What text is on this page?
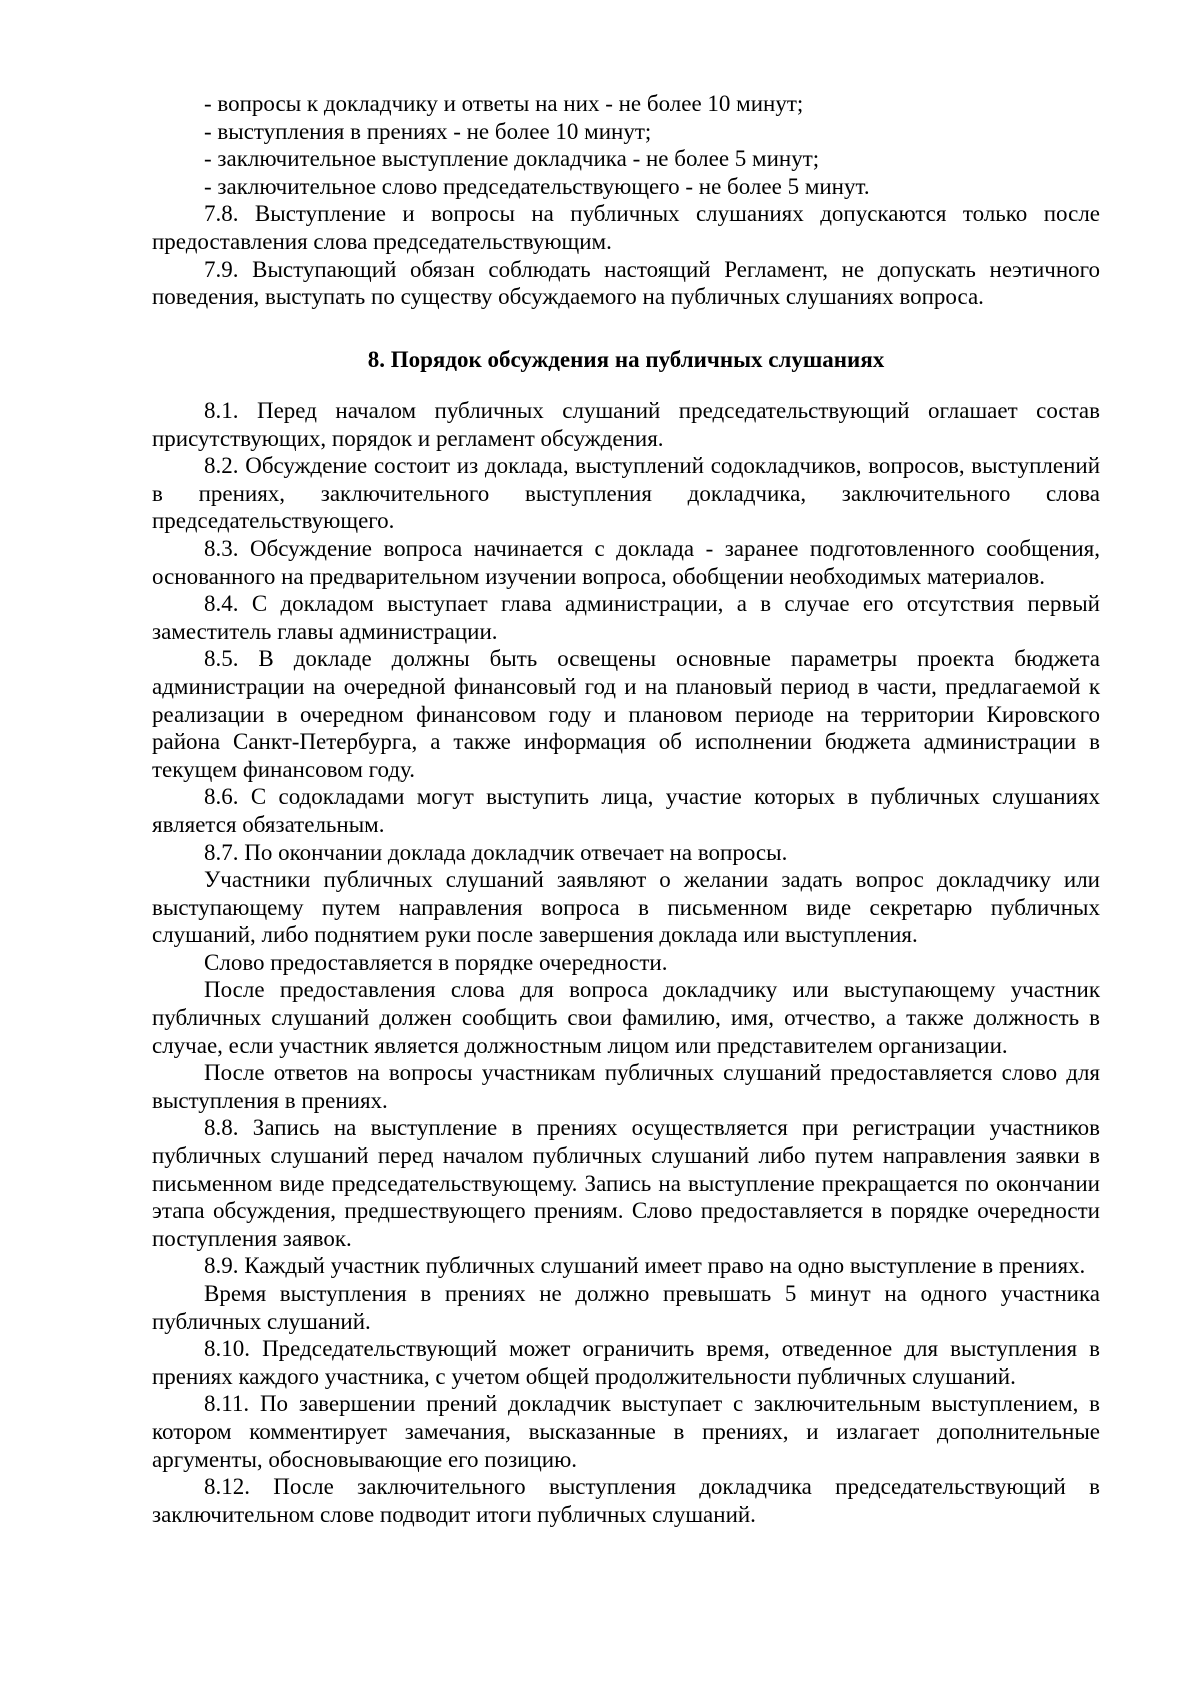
- вопросы к докладчику и ответы на них - не более 10 минут;

- выступления в прениях - не более 10 минут;

- заключительное выступление докладчика - не более 5 минут;

- заключительное слово председательствующего - не более 5 минут.

7.8. Выступление и вопросы на публичных слушаниях допускаются только после предоставления слова председательствующим.

7.9. Выступающий обязан соблюдать настоящий Регламент, не допускать неэтичного поведения, выступать по существу обсуждаемого на публичных слушаниях вопроса.

8. Порядок обсуждения на публичных слушаниях

8.1. Перед началом публичных слушаний председательствующий оглашает состав присутствующих, порядок и регламент обсуждения.

8.2. Обсуждение состоит из доклада, выступлений содокладчиков, вопросов, выступлений в прениях, заключительного выступления докладчика, заключительного слова председательствующего.

8.3. Обсуждение вопроса начинается с доклада - заранее подготовленного сообщения, основанного на предварительном изучении вопроса, обобщении необходимых материалов.

8.4. С докладом выступает глава администрации, а в случае его отсутствия первый заместитель главы администрации.

8.5. В докладе должны быть освещены основные параметры проекта бюджета администрации на очередной финансовый год и на плановый период в части, предлагаемой к реализации в очередном финансовом году и плановом периоде на территории Кировского района Санкт-Петербурга, а также информация об исполнении бюджета администрации в текущем финансовом году.

8.6. С содокладами могут выступить лица, участие которых в публичных слушаниях является обязательным.

8.7. По окончании доклада докладчик отвечает на вопросы.

Участники публичных слушаний заявляют о желании задать вопрос докладчику или выступающему путем направления вопроса в письменном виде секретарю публичных слушаний, либо поднятием руки после завершения доклада или выступления.

Слово предоставляется в порядке очередности.

После предоставления слова для вопроса докладчику или выступающему участник публичных слушаний должен сообщить свои фамилию, имя, отчество, а также должность в случае, если участник является должностным лицом или представителем организации.

После ответов на вопросы участникам публичных слушаний предоставляется слово для выступления в прениях.

8.8. Запись на выступление в прениях осуществляется при регистрации участников публичных слушаний перед началом публичных слушаний либо путем направления заявки в письменном виде председательствующему. Запись на выступление прекращается по окончании этапа обсуждения, предшествующего прениям. Слово предоставляется в порядке очередности поступления заявок.

8.9. Каждый участник публичных слушаний имеет право на одно выступление в прениях.

Время выступления в прениях не должно превышать 5 минут на одного участника публичных слушаний.

8.10. Председательствующий может ограничить время, отведенное для выступления в прениях каждого участника, с учетом общей продолжительности публичных слушаний.

8.11. По завершении прений докладчик выступает с заключительным выступлением, в котором комментирует замечания, высказанные в прениях, и излагает дополнительные аргументы, обосновывающие его позицию.

8.12. После заключительного выступления докладчика председательствующий в заключительном слове подводит итоги публичных слушаний.
